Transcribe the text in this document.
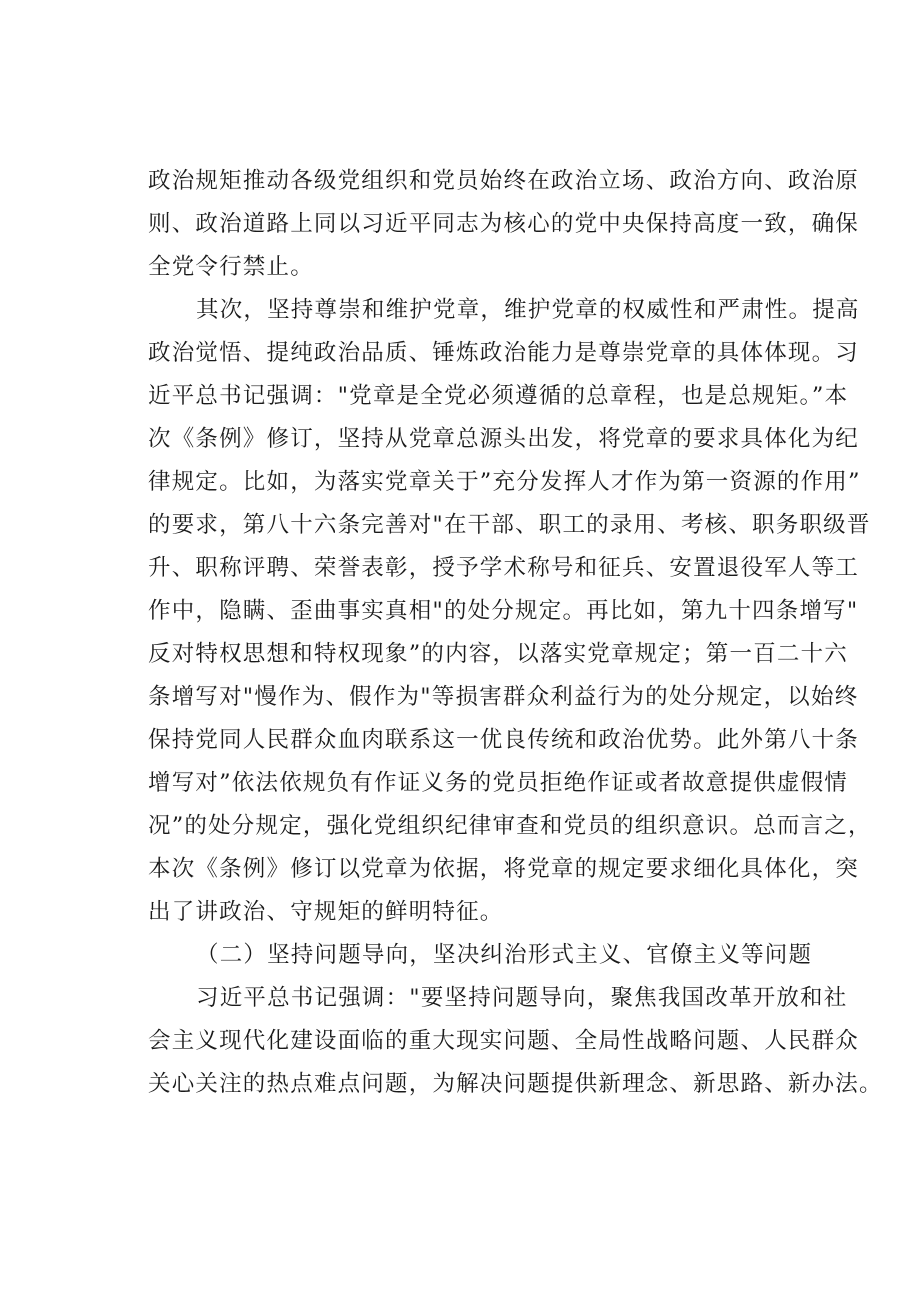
政治规矩推动各级党组织和党员始终在政治立场、政治方向、政治原
则、政治道路上同以习近平同志为核心的党中央保持高度一致，确保
全党令行禁止。
其次，坚持尊崇和维护党章，维护党章的权威性和严肃性。提高
政治觉悟、提纯政治品质、锤炼政治能力是尊崇党章的具体体现。习
近平总书记强调："党章是全党必须遵循的总章程，也是总规矩。”本
次《条例》修订，坚持从党章总源头出发，将党章的要求具体化为纪
律规定。比如，为落实党章关于”充分发挥人才作为第一资源的作用”
的要求，第八十六条完善对"在干部、职工的录用、考核、职务职级晋
升、职称评聘、荣誉表彰，授予学术称号和征兵、安置退役军人等工
作中，隐瞒、歪曲事实真相"的处分规定。再比如，第九十四条增写"
反对特权思想和特权现象”的内容，以落实党章规定；第一百二十六
条增写对"慢作为、假作为"等损害群众利益行为的处分规定，以始终
保持党同人民群众血肉联系这一优良传统和政治优势。此外第八十条
增写对”依法依规负有作证义务的党员拒绝作证或者故意提供虚假情
况”的处分规定，强化党组织纪律审查和党员的组织意识。总而言之，
本次《条例》修订以党章为依据，将党章的规定要求细化具体化，突
出了讲政治、守规矩的鲜明特征。
（二）坚持问题导向，坚决纠治形式主义、官僚主义等问题
习近平总书记强调："要坚持问题导向，聚焦我国改革开放和社
会主义现代化建设面临的重大现实问题、全局性战略问题、人民群众
关心关注的热点难点问题，为解决问题提供新理念、新思路、新办法。
